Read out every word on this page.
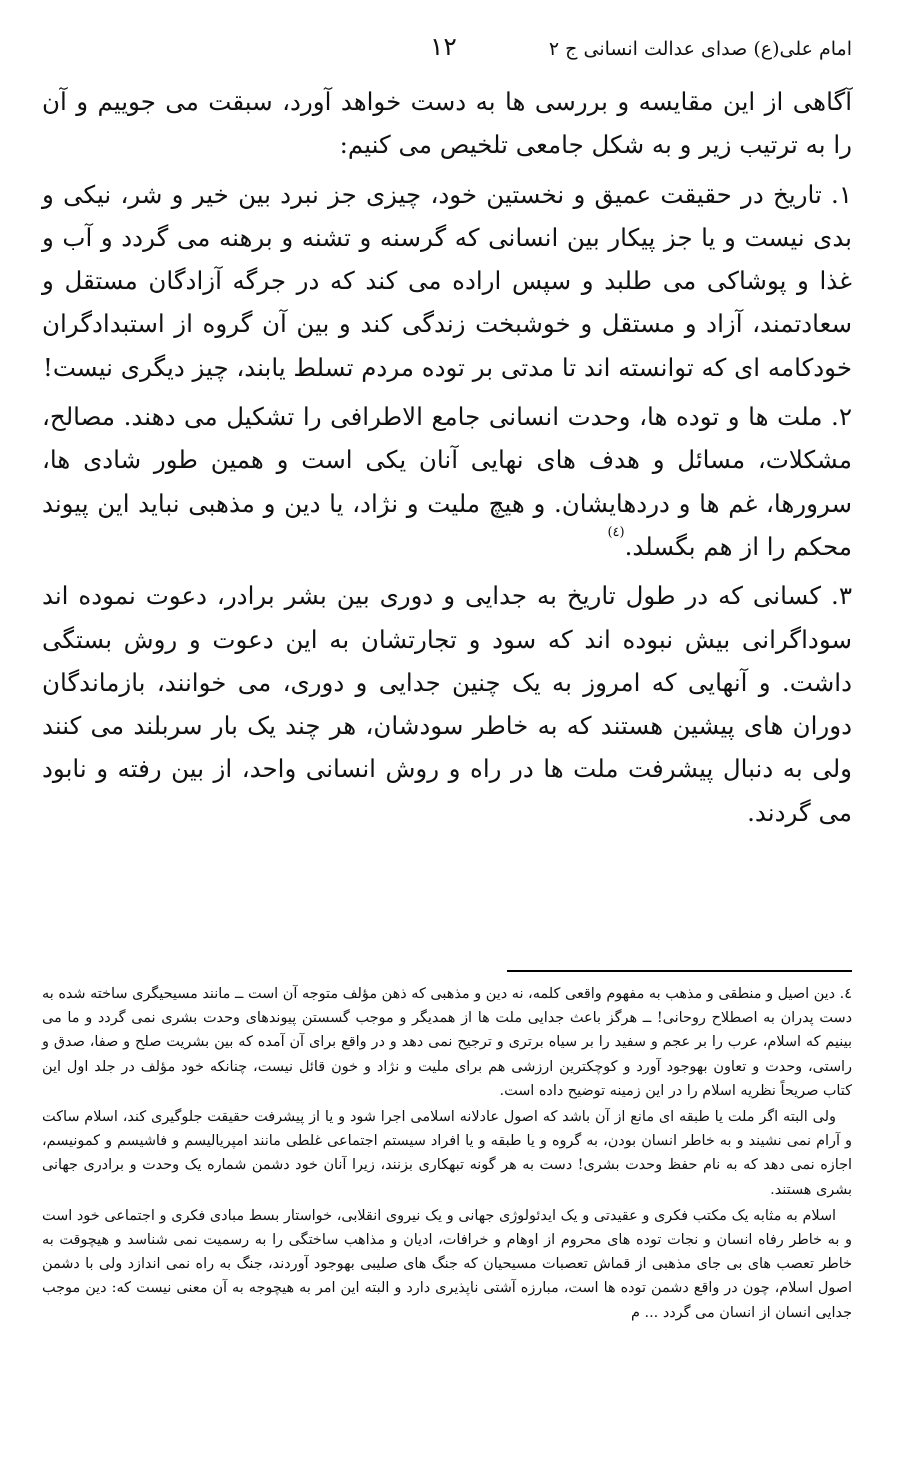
امام علی(ع) صدای عدالت انسانی ج ٢
١٢

آگاهی از این مقایسه و بررسی ها به دست خواهد آورد، سبقت می جوییم و آن را به ترتیب زیر و به شکل جامعی تلخیص می کنیم:

١. تاریخ در حقیقت عمیق و نخستین خود، چیزی جز نبرد بین خیر و شر، نیکی و بدی نیست و یا جز پیکار بین انسانی که گرسنه و تشنه و برهنه می گردد و آب و غذا و پوشاکی می طلبد و سپس اراده می کند که در جرگه آزادگان مستقل و سعادتمند، آزاد و مستقل و خوشبخت زندگی کند و بین آن گروه از استبدادگران خودکامه ای که توانسته اند تا مدتی بر توده مردم تسلط یابند، چیز دیگری نیست!

٢. ملت ها و توده ها، وحدت انسانی جامع الاطرافی را تشکیل می دهند. مصالح، مشکلات، مسائل و هدف های نهایی آنان یکی است و همین طور شادی ها، سرورها، غم ها و دردهایشان. و هیچ ملیت و نژاد، یا دین و مذهبی نباید این پیوند محکم را از هم بگسلد.$^{(٤)}$

٣. کسانی که در طول تاریخ به جدایی و دوری بین بشر برادر، دعوت نموده اند سوداگرانی بیش نبوده اند که سود و تجارتشان به این دعوت و روش بستگی داشت. و آنهایی که امروز به یک چنین جدایی و دوری، می خوانند، بازماندگان دوران های پیشین هستند که به خاطر سودشان، هر چند یک بار سربلند می کنند ولی به دنبال پیشرفت ملت ها در راه و روش انسانی واحد، از بین رفته و نابود می گردند.

٤. دین اصیل و منطقی و مذهب به مفهوم واقعی کلمه، نه دین و مذهبی که ذهن مؤلف متوجه آن است ــ مانند مسیحیگری ساخته شده به دست پدران به اصطلاح روحانی! ــ هرگز باعث جدایی ملت ها از همدیگر و موجب گسستن پیوندهای وحدت بشری نمی گردد و ما می بینیم که اسلام، عرب را بر عجم و سفید را بر سیاه برتری و ترجیح نمی دهد و در واقع برای آن آمده که بین بشریت صلح و صفا، صدق و راستی، وحدت و تعاون بهوجود آورد و کوچکترین ارزشی هم برای ملیت و نژاد و خون قائل نیست، چنانکه خود مؤلف در جلد اول این کتاب صریحاً نظریه اسلام را در این زمینه توضیح داده است.

ولی البته اگر ملت یا طبقه ای مانع از آن باشد که اصول عادلانه اسلامی اجرا شود و یا از پیشرفت حقیقت جلوگیری کند، اسلام ساکت و آرام نمی نشیند و به خاطر انسان بودن، به گروه و یا طبقه و یا افراد سیستم اجتماعی غلطی مانند امپریالیسم و فاشیسم و کمونیسم، اجازه نمی دهد که به نام حفظ وحدت بشری! دست به هر گونه تبهکاری بزنند، زیرا آنان خود دشمن شماره یک وحدت و برادری جهانی بشری هستند.

اسلام به مثابه یک مکتب فکری و عقیدتی و یک ایدئولوژی جهانی و یک نیروی انقلابی، خواستار بسط مبادی فکری و اجتماعی خود است و به خاطر رفاه انسان و نجات توده های محروم از اوهام و خرافات، ادیان و مذاهب ساختگی را به رسمیت نمی شناسد و هیچوقت به خاطر تعصب های بی جای مذهبی از قماش تعصبات مسیحیان که جنگ های صلیبی بهوجود آوردند، جنگ به راه نمی اندازد ولی با دشمن اصول اسلام، چون در واقع دشمن توده ها است، مبارزه آشتی ناپذیری دارد و البته این امر به هیچوجه به آن معنی نیست که: دین موجب جدایی انسان از انسان می گردد ... م
